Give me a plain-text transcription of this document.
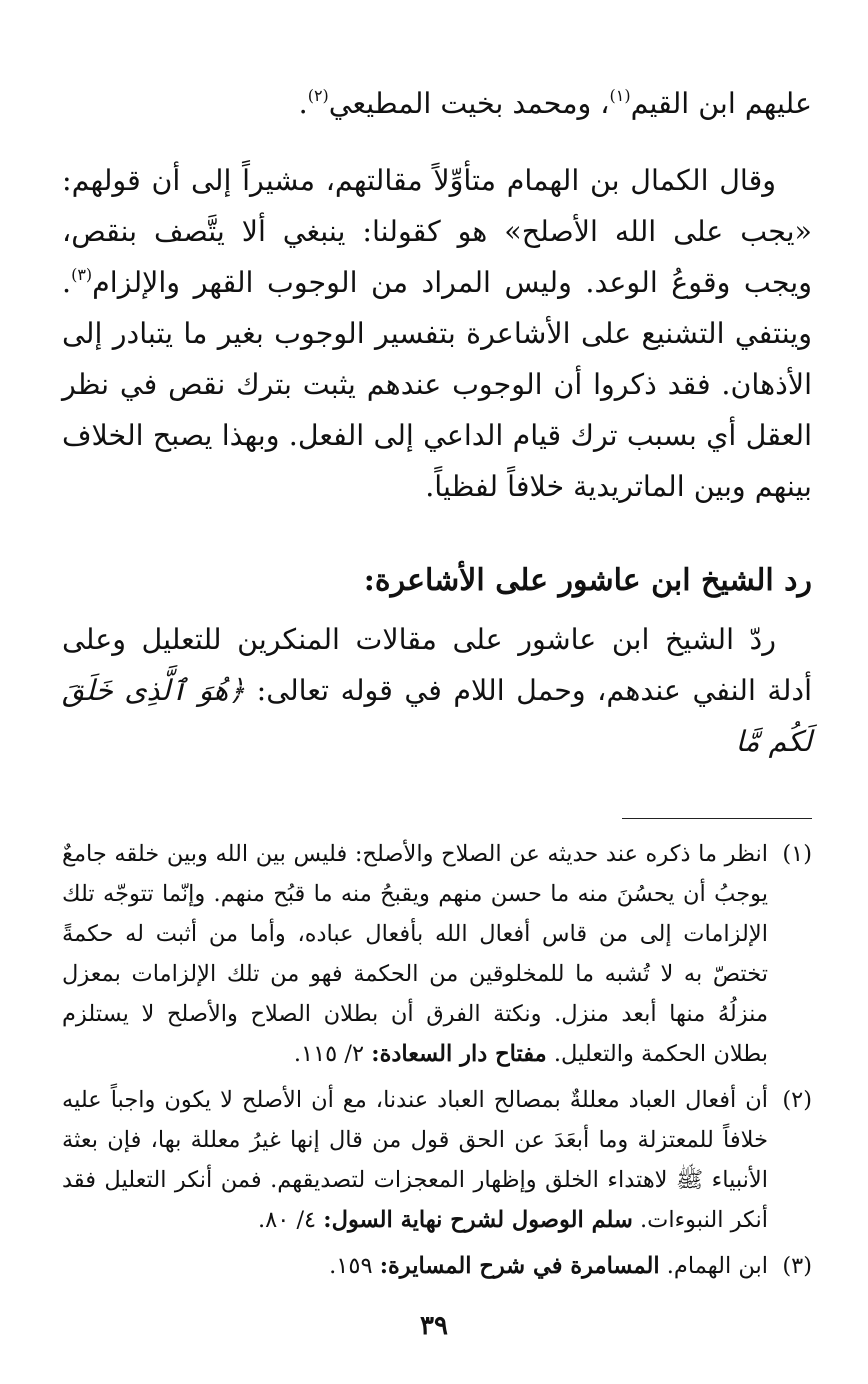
عليهم ابن القيم$^{(١)}$، ومحمد بخيت المطيعي$^{(٢)}$.

وقال الكمال بن الهمام متأوِّلاً مقالتهم، مشيراً إلى أن قولهم: «يجب على الله الأصلح» هو كقولنا: ينبغي ألا يتَّصف بنقص، ويجب وقوعُ الوعد. وليس المراد من الوجوب القهر والإلزام$^{(٣)}$. وينتفي التشنيع على الأشاعرة بتفسير الوجوب بغير ما يتبادر إلى الأذهان. فقد ذكروا أن الوجوب عندهم يثبت بترك نقص في نظر العقل أي بسبب ترك قيام الداعي إلى الفعل. وبهذا يصبح الخلاف بينهم وبين الماتريدية خلافاً لفظياً.

رد الشيخ ابن عاشور على الأشاعرة:

ردّ الشيخ ابن عاشور على مقالات المنكرين للتعليل وعلى أدلة النفي عندهم، وحمل اللام في قوله تعالى: ﴿هُوَ ٱلَّذِى خَلَقَ لَكُم مَّا

(١)
انظر ما ذكره عند حديثه عن الصلاح والأصلح: فليس بين الله وبين خلقه جامعٌ يوجبُ أن يحسُنَ منه ما حسن منهم ويقبحُ منه ما قبُح منهم. وإنّما تتوجّه تلك الإلزامات إلى من قاس أفعال الله بأفعال عباده، وأما من أثبت له حكمةً تختصّ به لا تُشبه ما للمخلوقين من الحكمة فهو من تلك الإلزامات بمعزل منزلُهُ منها أبعد منزل. ونكتة الفرق أن بطلان الصلاح والأصلح لا يستلزم بطلان الحكمة والتعليل. مفتاح دار السعادة: ٢/ ١١٥.
(٢)
أن أفعال العباد معللةٌ بمصالح العباد عندنا، مع أن الأصلح لا يكون واجباً عليه خلافاً للمعتزلة وما أبعَدَ عن الحق قول من قال إنها غيرُ معللة بها، فإن بعثة الأنبياء ﷺ لاهتداء الخلق وإظهار المعجزات لتصديقهم. فمن أنكر التعليل فقد أنكر النبوءات. سلم الوصول لشرح نهاية السول: ٤/ ٨٠.
(٣)
ابن الهمام. المسامرة في شرح المسايرة: ١٥٩.
٣٩
